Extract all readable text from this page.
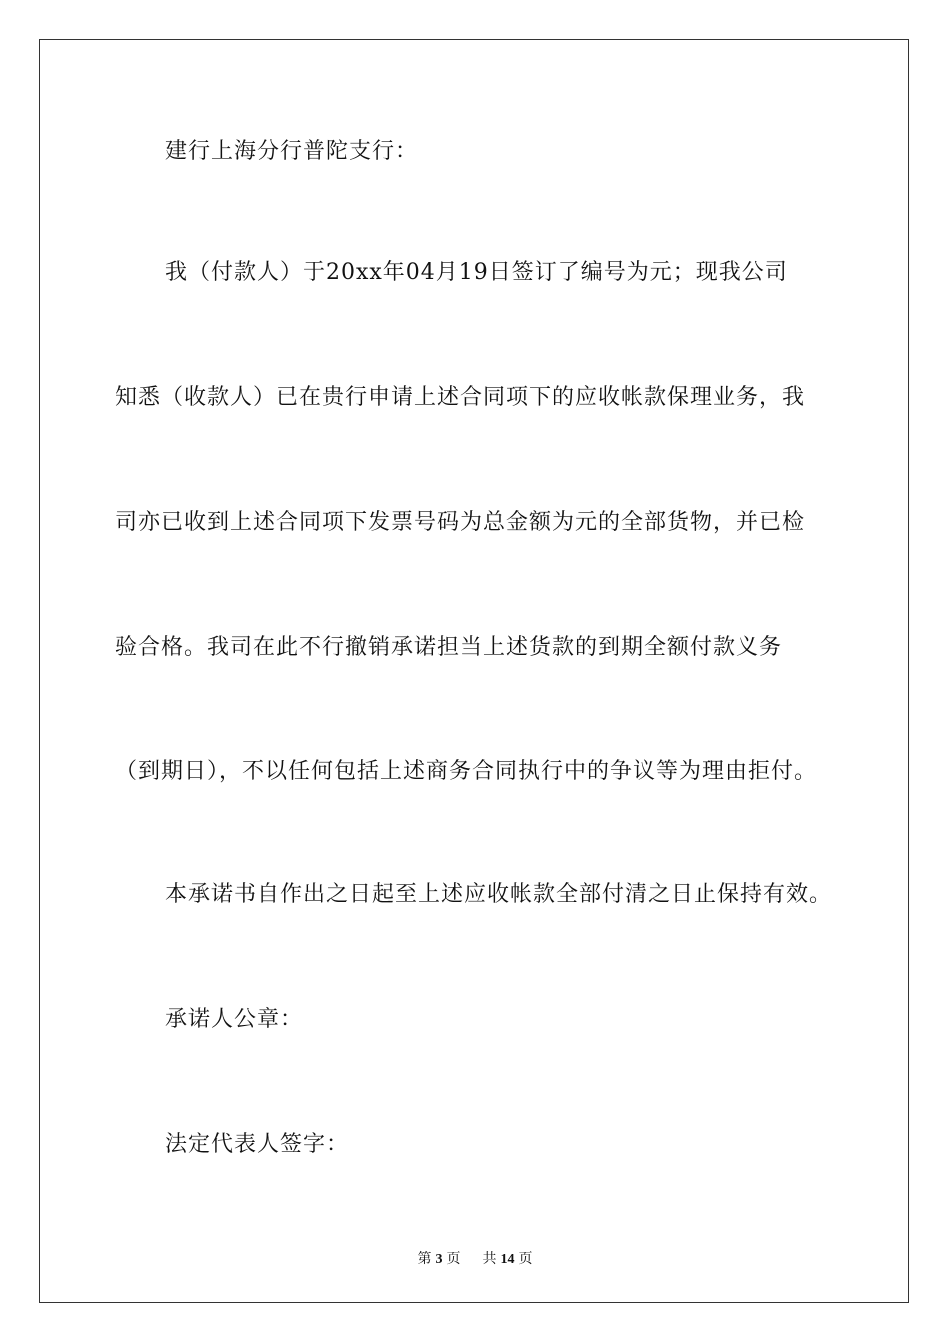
建行上海分行普陀支行：
我（付款人）于20xx年04月19日签订了编号为元；现我公司
知悉（收款人）已在贵行申请上述合同项下的应收帐款保理业务，我
司亦已收到上述合同项下发票号码为总金额为元的全部货物，并已检
验合格。我司在此不行撤销承诺担当上述货款的到期全额付款义务
（到期日），不以任何包括上述商务合同执行中的争议等为理由拒付。
本承诺书自作出之日起至上述应收帐款全部付清之日止保持有效。
承诺人公章：
法定代表人签字：
第 3 页 共 14 页
